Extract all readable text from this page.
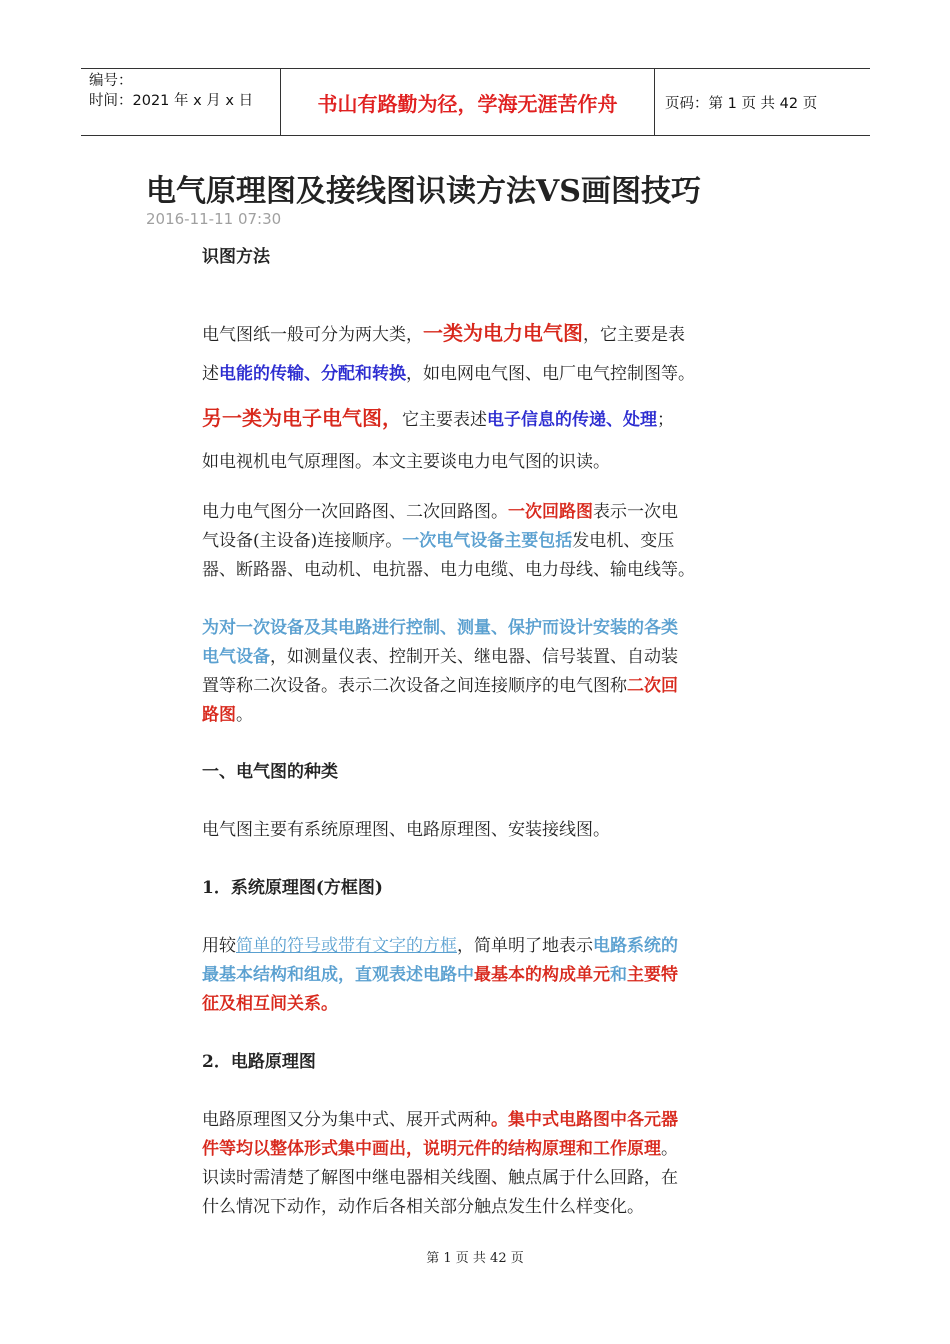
编号：
时间：2021 年 x 月 x 日	书山有路勤为径，学海无涯苦作舟	页码：第 1 页 共 42 页
电气原理图及接线图识读方法VS画图技巧
2016-11-11 07:30
识图方法
电气图纸一般可分为两大类，一类为电力电气图，它主要是表
述电能的传输、分配和转换，如电网电气图、电厂电气控制图等。
另一类为电子电气图，它主要表述电子信息的传递、处理；
如电视机电气原理图。本文主要谈电力电气图的识读。
电力电气图分一次回路图、二次回路图。一次回路图表示一次电
气设备(主设备)连接顺序。一次电气设备主要包括发电机、变压
器、断路器、电动机、电抗器、电力电缆、电力母线、输电线等。
为对一次设备及其电路进行控制、测量、保护而设计安装的各类
电气设备，如测量仪表、控制开关、继电器、信号装置、自动装
置等称二次设备。表示二次设备之间连接顺序的电气图称二次回
路图。
一、电气图的种类
电气图主要有系统原理图、电路原理图、安装接线图。
1．系统原理图(方框图)
用较简单的符号或带有文字的方框，简单明了地表示电路系统的
最基本结构和组成，直观表述电路中最基本的构成单元和主要特
征及相互间关系。
2．电路原理图
电路原理图又分为集中式、展开式两种。集中式电路图中各元器
件等均以整体形式集中画出，说明元件的结构原理和工作原理。
识读时需清楚了解图中继电器相关线圈、触点属于什么回路，在
什么情况下动作，动作后各相关部分触点发生什么样变化。
第 1 页 共 42 页
